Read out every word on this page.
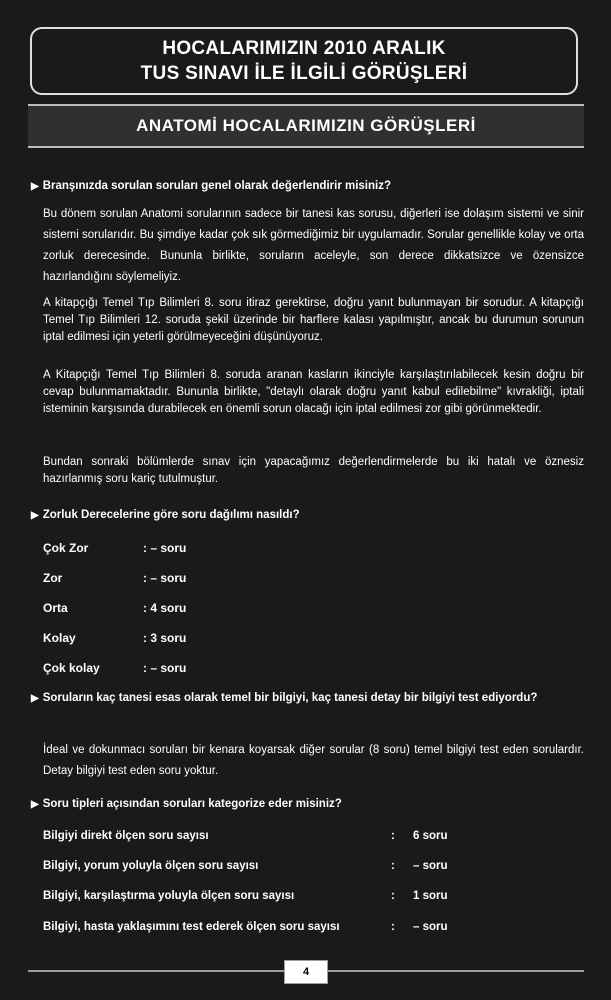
HOCALARIMIZIN 2010 ARALIK
TUS SINAVI İLE İLGİLİ GÖRÜŞLERİ
ANATOMİ HOCALARIMIZIN GÖRÜŞLERİ
▶ Branşınızda sorulan soruları genel olarak değerlendirir misiniz?

Bu dönem sorulan Anatomi sorularının sadece bir tanesi kas sorusu, diğerleri ise dolaşım sistemi ve sinir sistemi sorularıdır. Bu şimdiye kadar çok sık görmediğimiz bir uygulamadır. Sorular genellikle kolay ve orta zorluk derecesinde. Bununla birlikte, soruların aceleyle, son derece dikkatsizce ve özensizce hazırlandığını söylemeliyiz.

A kitapçığı Temel Tıp Bilimleri 8. soru itiraz gerektirse, doğru yanıt bulunmayan bir sorudur. A kitapçığı Temel Tıp Bilimleri 12. soruda şekil üzerinde bir harflere kalası yapılmıştır, ancak bu durumun sorunun iptal edilmesi için yeterli görülmeyeceğini düşünüyoruz.

A Kitapçığı Temel Tıp Bilimleri 8. soruda aranan kasların ikinciyle karşılaştırılabilecek kesin doğru bir cevap bulunmamaktadır. Bununla birlikte, "detaylı olarak doğru yanıt kabul edilebilme" kıvrakliği, iptali isteminin karşısında durabilecek en önemli sorun olacağı için iptal edilmesi zor gibi görünmektedir.

Bundan sonraki bölümlerde sınav için yapacağımız değerlendirmelerde bu iki hatalı ve öznesiz hazırlanmış soru kariç tutulmuştur.

▶ Zorluk Derecelerine göre soru dağılımı nasıldı?
Çok Zor	: – soru
Zor	: – soru
Orta	: 4 soru
Kolay	: 3 soru
Çok kolay	: – soru
▶ Soruların kaç tanesi esas olarak temel bir bilgiyi, kaç tanesi detay bir bilgiyi test ediyordu?

İdeal ve dokunmacı soruları bir kenara koyarsak diğer sorular (8 soru) temel bilgiyi test eden sorulardır. Detay bilgiyi test eden soru yoktur.

▶ Soru tipleri açısından soruları kategorize eder misiniz?
Bilgiyi direkt ölçen soru sayısı	:	6 soru
Bilgiyi, yorum yoluyla ölçen soru sayısı	:	– soru
Bilgiyi, karşılaştırma yoluyla ölçen soru sayısı	:	1 soru
Bilgiyi, hasta yaklaşımını test ederek ölçen soru sayısı	:	– soru
4
